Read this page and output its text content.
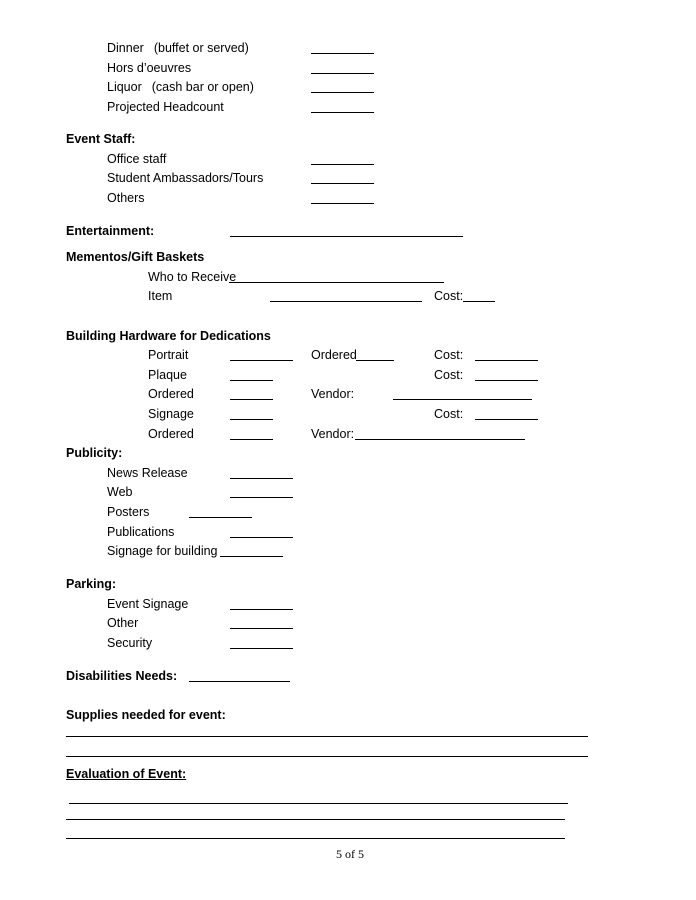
Dinner (buffet or served)
Hors d’oeuvres
Liquor (cash bar or open)
Projected Headcount
Event Staff:
Office staff
Student Ambassadors/Tours
Others
Entertainment:
Mementos/Gift Baskets
Who to Receive
Item	Cost:
Building Hardware for Dedications
Portrait	Ordered	Cost:
Plaque	Cost:
Ordered	Vendor:
Signage	Cost:
Ordered	Vendor:
Publicity:
News Release
Web
Posters
Publications
Signage for building
Parking:
Event Signage
Other
Security
Disabilities Needs:
Supplies needed for event:
Evaluation of Event:
5 of 5
